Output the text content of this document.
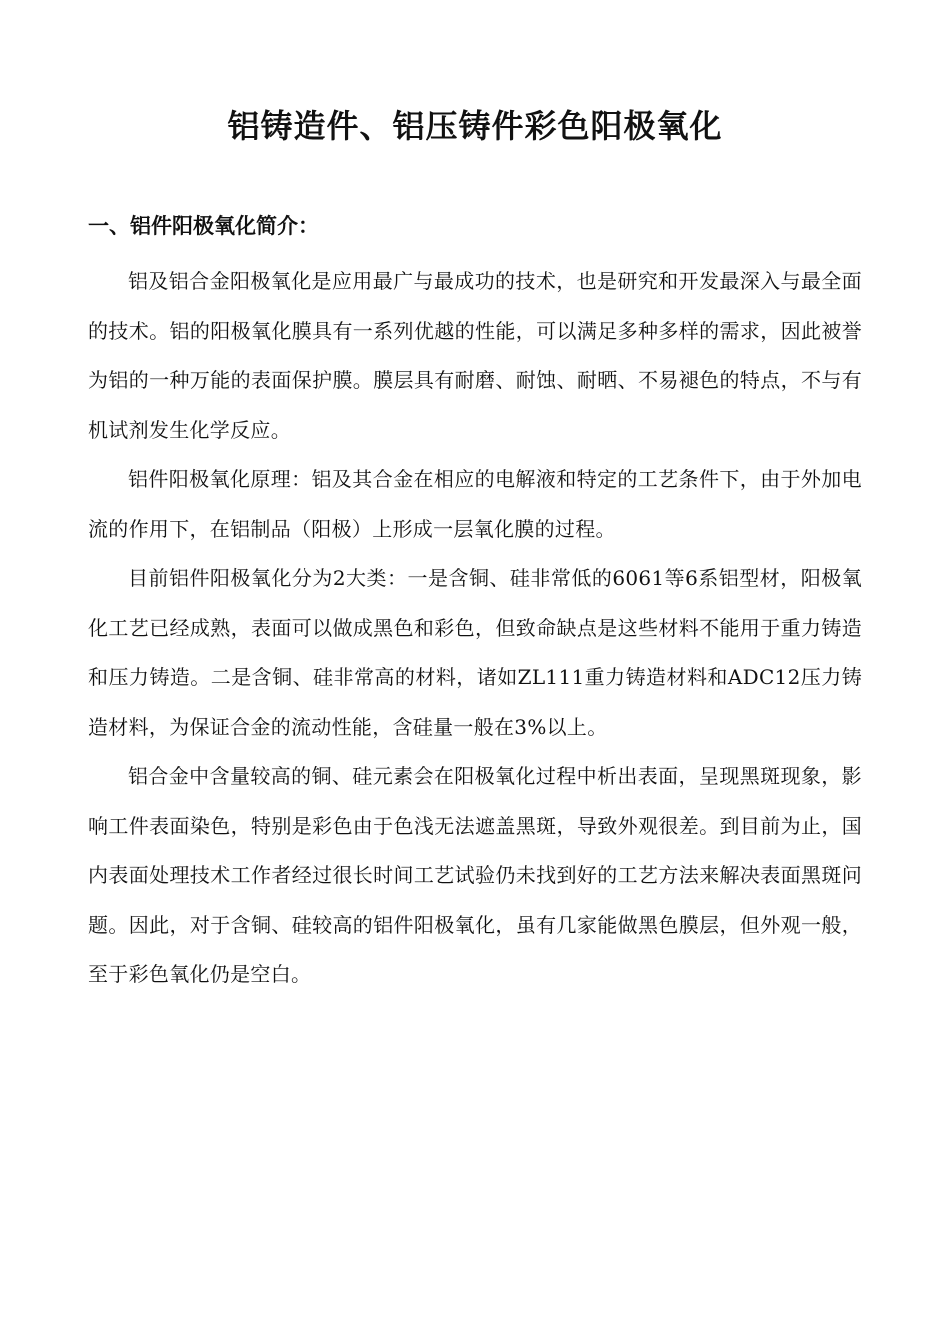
铝铸造件、铝压铸件彩色阳极氧化
一、铝件阳极氧化简介：

铝及铝合金阳极氧化是应用最广与最成功的技术，也是研究和开发最深入与最全面的技术。铝的阳极氧化膜具有一系列优越的性能，可以满足多种多样的需求，因此被誉为铝的一种万能的表面保护膜。膜层具有耐磨、耐蚀、耐晒、不易褪色的特点，不与有机试剂发生化学反应。

铝件阳极氧化原理：铝及其合金在相应的电解液和特定的工艺条件下，由于外加电流的作用下，在铝制品（阳极）上形成一层氧化膜的过程。

目前铝件阳极氧化分为2大类：一是含铜、硅非常低的6061等6系铝型材，阳极氧化工艺已经成熟，表面可以做成黑色和彩色，但致命缺点是这些材料不能用于重力铸造和压力铸造。二是含铜、硅非常高的材料，诸如ZL111重力铸造材料和ADC12压力铸造材料，为保证合金的流动性能，含硅量一般在3%以上。

铝合金中含量较高的铜、硅元素会在阳极氧化过程中析出表面，呈现黑斑现象，影响工件表面染色，特别是彩色由于色浅无法遮盖黑斑，导致外观很差。到目前为止，国内表面处理技术工作者经过很长时间工艺试验仍未找到好的工艺方法来解决表面黑斑问题。因此，对于含铜、硅较高的铝件阳极氧化，虽有几家能做黑色膜层，但外观一般，至于彩色氧化仍是空白。
